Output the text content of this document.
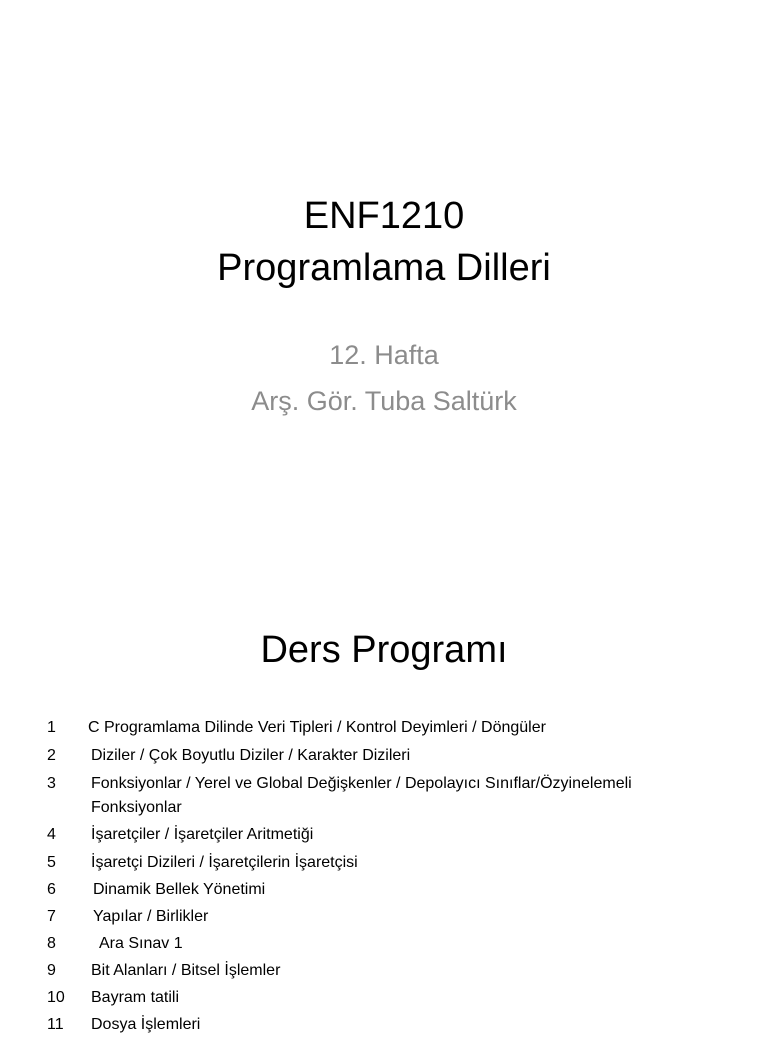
ENF1210
Programlama Dilleri
12. Hafta
Arş. Gör. Tuba Saltürk
Ders Programı
1 C Programlama Dilinde Veri Tipleri / Kontrol Deyimleri / Döngüler
2 Diziler / Çok Boyutlu Diziler / Karakter Dizileri
3 Fonksiyonlar / Yerel ve Global Değişkenler / Depolayıcı Sınıflar/Özyinelemeli
Fonksiyonlar
4 İşaretçiler / İşaretçiler Aritmetiği
5 İşaretçi Dizileri / İşaretçilerin İşaretçisi
6 Dinamik Bellek Yönetimi
7 Yapılar / Birlikler
8	Ara Sınav 1
9 Bit Alanları / Bitsel İşlemler
10 Bayram tatili
11 Dosya İşlemleri
